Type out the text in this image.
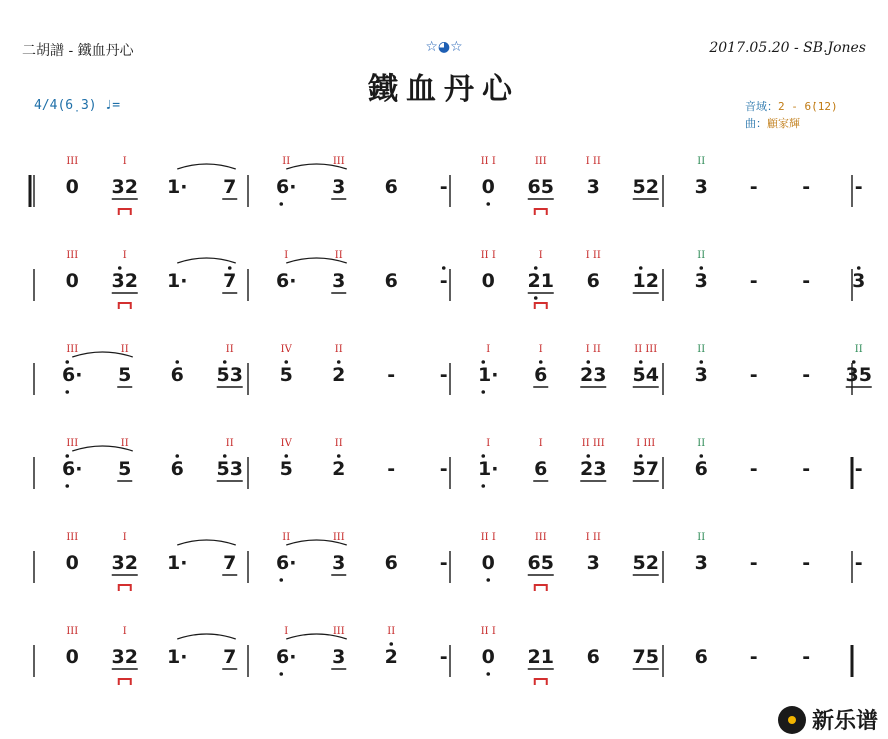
二胡譜 - 鐵血丹心	2017.05.20 - SB.Jones
☆◕☆
鐵血丹心
4/4(6̣ 3) ♩=	音域：2 - 6̇(12)
曲：顧家輝
0
III
32
I
1· 7 6·
II
3
III
6 - 0
II I
65
III
3
I II
52 3
II
- - -
0
III
32
I
1· 7 6·
I
3
II
6 - 0
II I
21
I
6
I II
12 3
II
- - 3
6·
III
5
II
6 53
II
5
IV
2
II
- - 1·
I
6
I
23
I II
54
II III
3
II
- - 35
II
6·
III
5
II
6 53
II
5
IV
2
II
- - 1·
I
6
I
23
II III
57
I III
6
II
- - -
0
III
32
I
1· 7 6·
II
3
III
6 - 0
II I
65
III
3
I II
52 3
II
- - -
0
III
32
I
1· 7 6·
I
3
III
2
II
- 0
II I
21 6 75 6 - -
新乐谱
